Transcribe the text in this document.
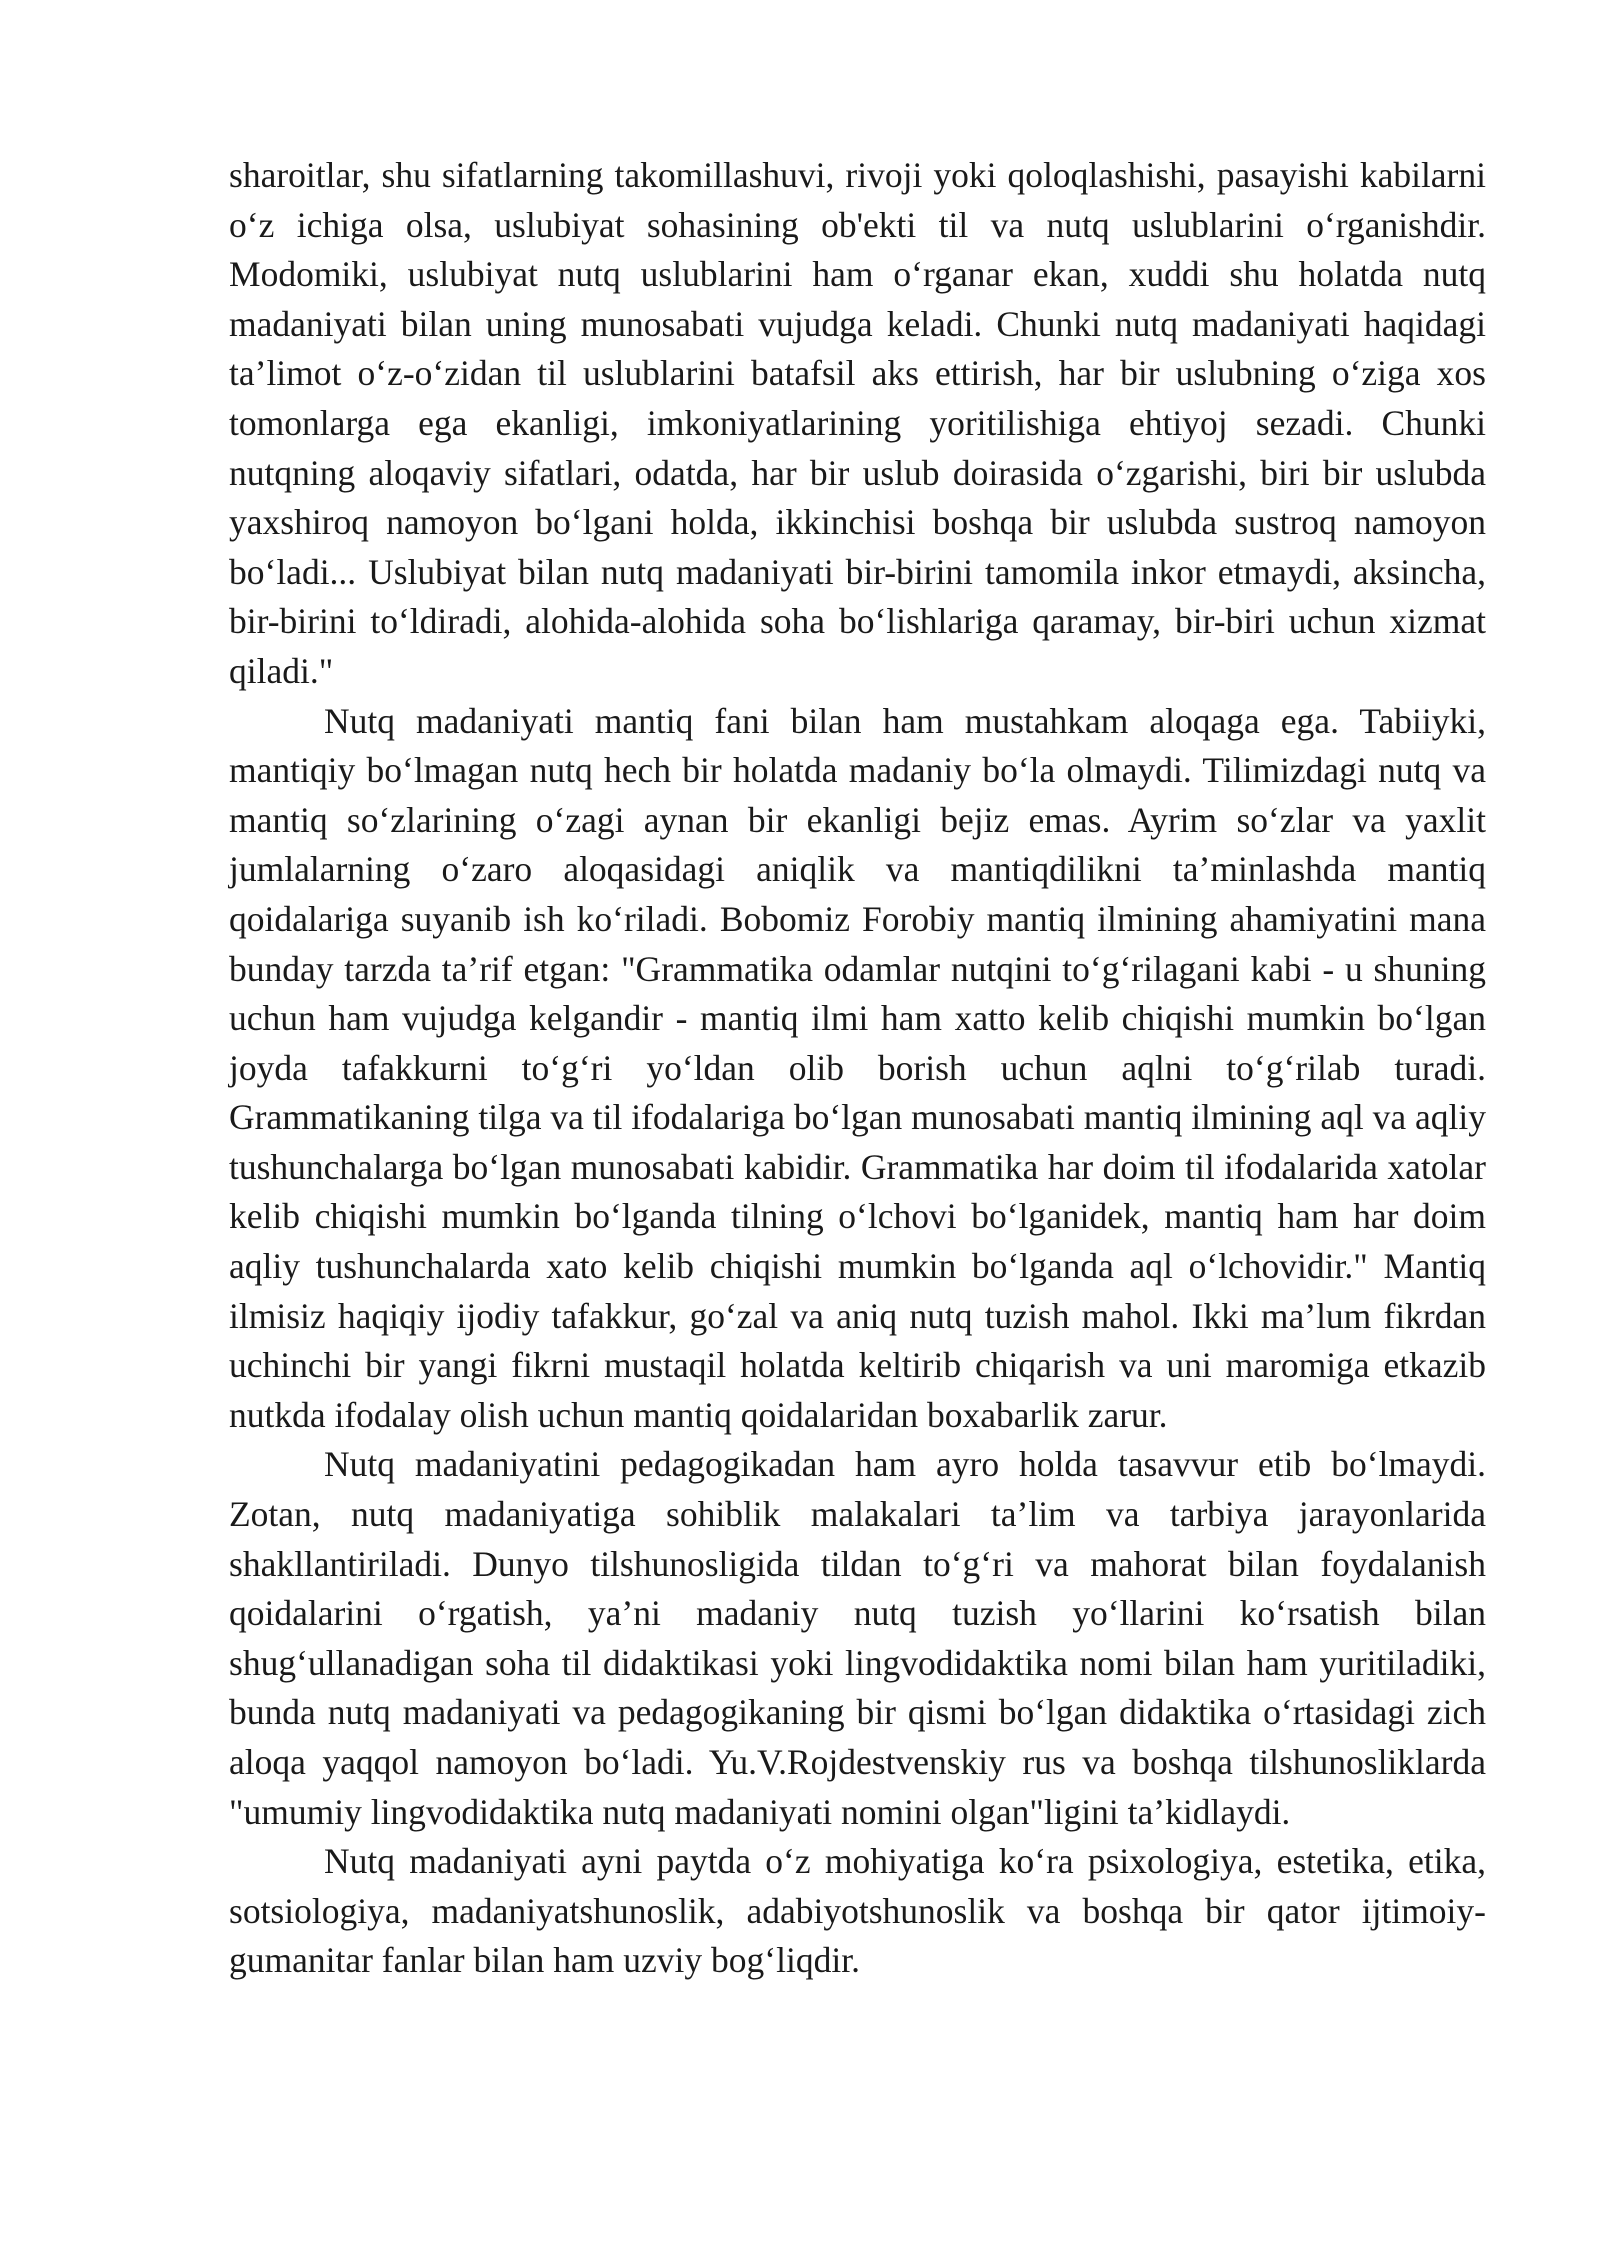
sharoitlar, shu sifatlarning takomillashuvi, rivoji yoki qoloqlashishi, pasayishi kabilarni o‘z ichiga olsa, uslubiyat sohasining ob'ekti til va nutq uslublarini o‘rganishdir. Modomiki, uslubiyat nutq uslublarini ham o‘rganar ekan, xuddi shu holatda nutq madaniyati bilan uning munosabati vujudga keladi. Chunki nutq madaniyati haqidagi ta’limot o‘z-o‘zidan til uslublarini batafsil aks ettirish, har bir uslubning o‘ziga xos tomonlarga ega ekanligi, imkoniyatlarining yoritilishiga ehtiyoj sezadi. Chunki nutqning aloqaviy sifatlari, odatda, har bir uslub doirasida o‘zgarishi, biri bir uslubda yaxshiroq namoyon bo‘lgani holda, ikkinchisi boshqa bir uslubda sustroq namoyon bo‘ladi... Uslubiyat bilan nutq madaniyati bir-birini tamomila inkor etmaydi, aksincha, bir-birini to‘ldiradi, alohida-alohida soha bo‘lishlariga qaramay, bir-biri uchun xizmat qiladi."

Nutq madaniyati mantiq fani bilan ham mustahkam aloqaga ega. Tabiiyki, mantiqiy bo‘lmagan nutq hech bir holatda madaniy bo‘la olmaydi. Tilimizdagi nutq va mantiq so‘zlarining o‘zagi aynan bir ekanligi bejiz emas. Ayrim so‘zlar va yaxlit jumlalarning o‘zaro aloqasidagi aniqlik va mantiqdilikni ta’minlashda mantiq qoidalariga suyanib ish ko‘riladi. Bobomiz Forobiy mantiq ilmining ahamiyatini mana bunday tarzda ta’rif etgan: "Grammatika odamlar nutqini to‘g‘rilagani kabi - u shuning uchun ham vujudga kelgandir - mantiq ilmi ham xatto kelib chiqishi mumkin bo‘lgan joyda tafakkurni to‘g‘ri yo‘ldan olib borish uchun aqlni to‘g‘rilab turadi. Grammatikaning tilga va til ifodalariga bo‘lgan munosabati mantiq ilmining aql va aqliy tushunchalarga bo‘lgan munosabati kabidir. Grammatika har doim til ifodalarida xatolar kelib chiqishi mumkin bo‘lganda tilning o‘lchovi bo‘lganidek, mantiq ham har doim aqliy tushunchalarda xato kelib chiqishi mumkin bo‘lganda aql o‘lchovidir." Mantiq ilmisiz haqiqiy ijodiy tafakkur, go‘zal va aniq nutq tuzish mahol. Ikki ma’lum fikrdan uchinchi bir yangi fikrni mustaqil holatda keltirib chiqarish va uni maromiga etkazib nutkda ifodalay olish uchun mantiq qoidalaridan boxabarlik zarur.

Nutq madaniyatini pedagogikadan ham ayro holda tasavvur etib bo‘lmaydi. Zotan, nutq madaniyatiga sohiblik malakalari ta’lim va tarbiya jarayonlarida shakllantiriladi. Dunyo tilshunosligida tildan to‘g‘ri va mahorat bilan foydalanish qoidalarini o‘rgatish, ya’ni madaniy nutq tuzish yo‘llarini ko‘rsatish bilan shug‘ullanadigan soha til didaktikasi yoki lingvodidaktika nomi bilan ham yuritiladiki, bunda nutq madaniyati va pedagogikaning bir qismi bo‘lgan didaktika o‘rtasidagi zich aloqa yaqqol namoyon bo‘ladi. Yu.V.Rojdestvenskiy rus va boshqa tilshunosliklarda "umumiy lingvodidaktika nutq madaniyati nomini olgan"ligini ta’kidlaydi.

Nutq madaniyati ayni paytda o‘z mohiyatiga ko‘ra psixologiya, estetika, etika, sotsiologiya, madaniyatshunoslik, adabiyotshunoslik va boshqa bir qator ijtimoiy-gumanitar fanlar bilan ham uzviy bog‘liqdir.
